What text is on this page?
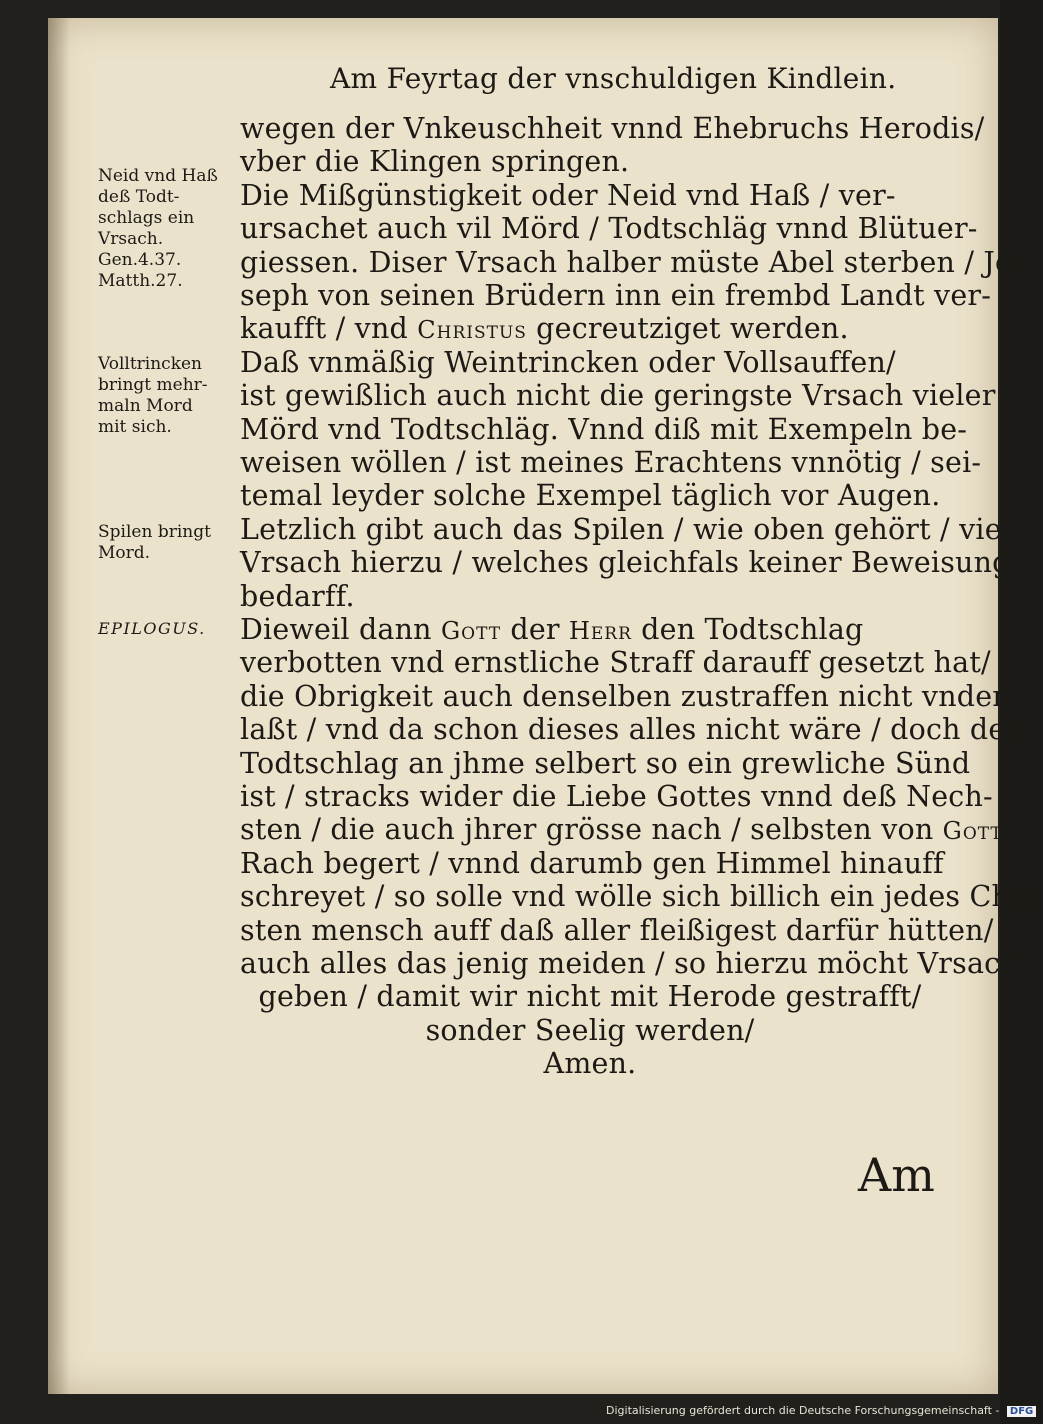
Am Feyrtag der vnschuldigen Kindlein.
Neid vnd Haß
deß Todt-
schlags ein
Vrsach.
Gen.4.37.
Matth.27.
Volltrincken
bringt mehr-
maln Mord
mit sich.
Spilen bringt
Mord.
EPILOGUS.
wegen der Vnkeuschheit vnnd Ehebruchs Herodis/
vber die Klingen springen.
Die Mißgünstigkeit oder Neid vnd Haß / ver-
ursachet auch vil Mörd / Todtschläg vnnd Blütuer-
giessen. Diser Vrsach halber müste Abel sterben / Jo-
seph von seinen Brüdern inn ein frembd Landt ver-
kaufft / vnd Christus gecreutziget werden.
Daß vnmäßig Weintrincken oder Vollsauffen/
ist gewißlich auch nicht die geringste Vrsach vieler
Mörd vnd Todtschläg. Vnnd diß mit Exempeln be-
weisen wöllen / ist meines Erachtens vnnötig / sei-
temal leyder solche Exempel täglich vor Augen.
Letzlich gibt auch das Spilen / wie oben gehört / viel
Vrsach hierzu / welches gleichfals keiner Beweisung
bedarff.
Dieweil dann Gott der Herr den Todtschlag
verbotten vnd ernstliche Straff darauff gesetzt hat/
die Obrigkeit auch denselben zustraffen nicht vnder-
laßt / vnd da schon dieses alles nicht wäre / doch der
Todtschlag an jhme selbert so ein grewliche Sünd
ist / stracks wider die Liebe Gottes vnnd deß Nech-
sten / die auch jhrer grösse nach / selbsten von Gott
Rach begert / vnnd darumb gen Himmel hinauff
schreyet / so solle vnd wölle sich billich ein jedes Chri-
sten mensch auff daß aller fleißigest darfür hütten/
auch alles das jenig meiden / so hierzu möcht Vrsach
geben / damit wir nicht mit Herode gestrafft/
sonder Seelig werden/
Amen.
Am
Digitalisierung gefördert durch die Deutsche Forschungsgemeinschaft - DFG
